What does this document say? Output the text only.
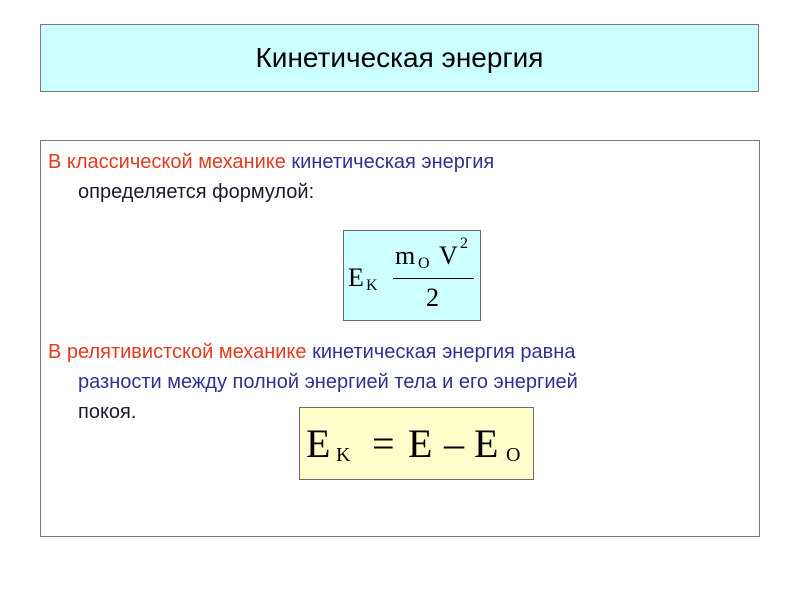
Кинетическая энергия
В классической механике кинетическая энергия
определяется формулой:
E K
m O V 2
2
В релятивистской механике кинетическая энергия равна
разности между полной энергией тела и его энергией
покоя.
E K = E – E O
